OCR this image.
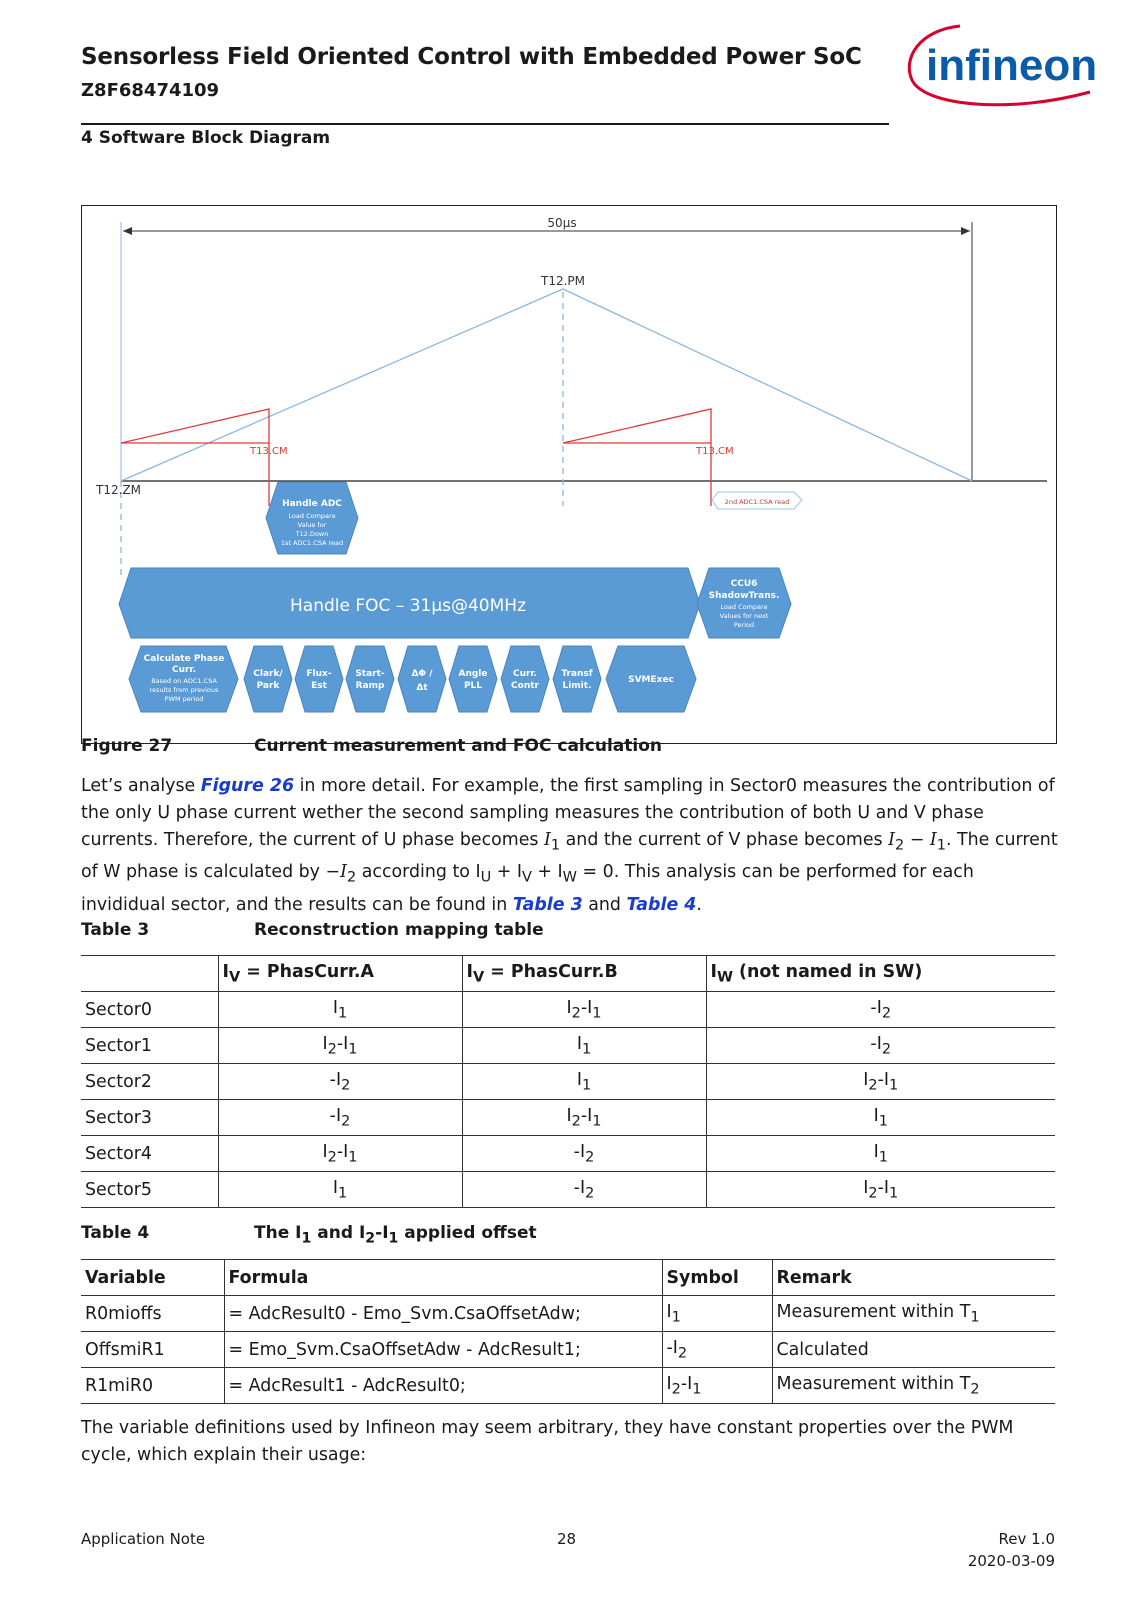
Sensorless Field Oriented Control with Embedded Power SoC
Z8F68474109
4 Software Block Diagram
infineon
50µs
T12.PM
T12.ZM
T13.CM	T13.CM
2nd ADC1.CSA read
Handle ADC
Load Compare
Value for
T12.Down
1st ADC1.CSA read
Handle FOC – 31µs@40MHz
CCU6
ShadowTrans.
Load Compare
Values for next
Period
Calculate Phase
Curr.
Based on ADC1.CSA
results from previous
PWM period
Clark/
Park
Flux-
Est
Start-
Ramp
ΔΦ /
Δt
Angle
PLL
Curr.
Contr
Transf
Limit.
SVMExec
Figure 27	Current measurement and FOC calculation

Let’s analyse Figure 26 in more detail. For example, the first sampling in Sector0 measures the contribution of the only U phase current wether the second sampling measures the contribution of both U and V phase currents. Therefore, the current of U phase becomes $I_1$ and the current of V phase becomes $I_2 - I_1$. The current of W phase is calculated by $-I_2$ according to $I_U + I_V + I_W = 0$. This analysis can be performed for each invididual sector, and the results can be found in Table 3 and Table 4.

Table 3	Reconstruction mapping table
	$I_V$ = PhasCurr.A	$I_V$ = PhasCurr.B	$I_W$ (not named in SW)
Sector0	$I_1$	$I_2-I_1$	$-I_2$
Sector1	$I_2-I_1$	$I_1$	$-I_2$
Sector2	$-I_2$	$I_1$	$I_2-I_1$
Sector3	$-I_2$	$I_2-I_1$	$I_1$
Sector4	$I_2-I_1$	$-I_2$	$I_1$
Sector5	$I_1$	$-I_2$	$I_2-I_1$
Table 4	The $I_1$ and $I_2-I_1$ applied offset
Variable	Formula	Symbol	Remark
R0mioffs	= AdcResult0 - Emo_Svm.CsaOffsetAdw;	$I_1$	Measurement within $T_1$
OffsmiR1	= Emo_Svm.CsaOffsetAdw - AdcResult1;	$-I_2$	Calculated
R1miR0	= AdcResult1 - AdcResult0;	$I_2-I_1$	Measurement within $T_2$
The variable definitions used by Infineon may seem arbitrary, they have constant properties over the PWM cycle, which explain their usage:
Application Note	28	Rev 1.0
2020-03-09
